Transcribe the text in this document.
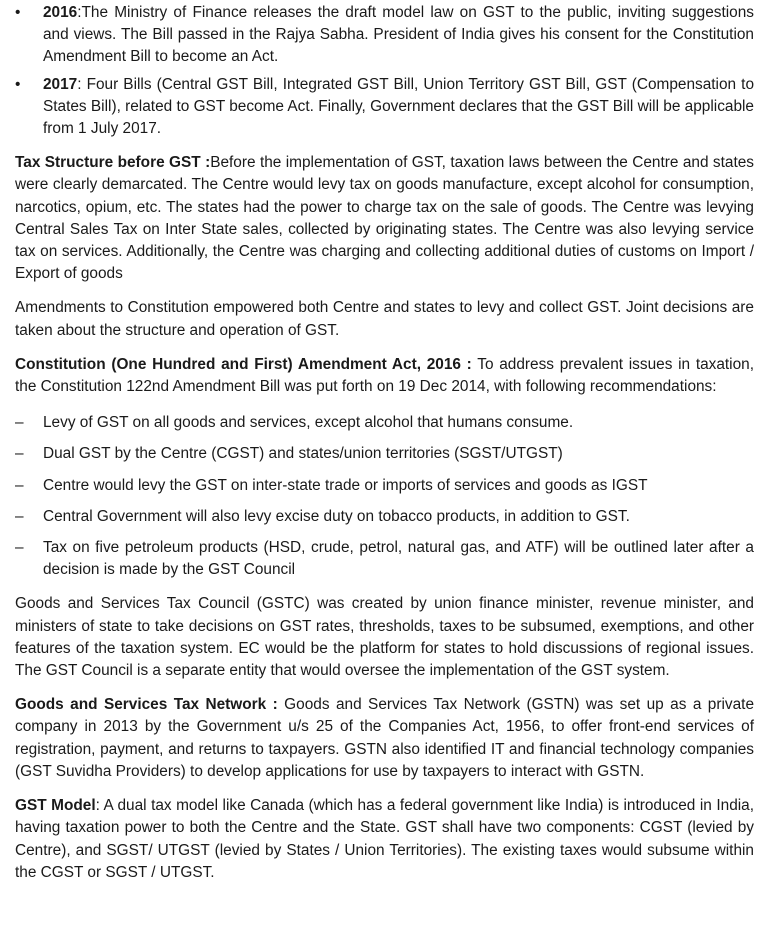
•	2016:The Ministry of Finance releases the draft model law on GST to the public, inviting suggestions and views. The Bill passed in the Rajya Sabha. President of India gives his consent for the Constitution Amendment Bill to become an Act.
•	2017: Four Bills (Central GST Bill, Integrated GST Bill, Union Territory GST Bill, GST (Compensation to States Bill), related to GST become Act. Finally, Government declares that the GST Bill will be applicable from 1 July 2017.

Tax Structure before GST :Before the implementation of GST, taxation laws between the Centre and states were clearly demarcated. The Centre would levy tax on goods manufacture, except alcohol for consumption, narcotics, opium, etc. The states had the power to charge tax on the sale of goods. The Centre was levying Central Sales Tax on Inter State sales, collected by originating states. The Centre was also levying service tax on services. Additionally, the Centre was charging and collecting additional duties of customs on Import / Export of goods

Amendments to Constitution empowered both Centre and states to levy and collect GST. Joint decisions are taken about the structure and operation of GST.

Constitution (One Hundred and First) Amendment Act, 2016 : To address prevalent issues in taxation, the Constitution 122nd Amendment Bill was put forth on 19 Dec 2014, with following recommendations:

–	Levy of GST on all goods and services, except alcohol that humans consume.
–	Dual GST by the Centre (CGST) and states/union territories (SGST/UTGST)
–	Centre would levy the GST on inter-state trade or imports of services and goods as IGST
–	Central Government will also levy excise duty on tobacco products, in addition to GST.
–	Tax on five petroleum products (HSD, crude, petrol, natural gas, and ATF) will be outlined later after a decision is made by the GST Council

Goods and Services Tax Council (GSTC) was created by union finance minister, revenue minister, and ministers of state to take decisions on GST rates, thresholds, taxes to be subsumed, exemptions, and other features of the taxation system. EC would be the platform for states to hold discussions of regional issues. The GST Council is a separate entity that would oversee the implementation of the GST system.

Goods and Services Tax Network : Goods and Services Tax Network (GSTN) was set up as a private company in 2013 by the Government u/s 25 of the Companies Act, 1956, to offer front-end services of registration, payment, and returns to taxpayers. GSTN also identified IT and financial technology companies (GST Suvidha Providers) to develop applications for use by taxpayers to interact with GSTN.

GST Model: A dual tax model like Canada (which has a federal government like India) is introduced in India, having taxation power to both the Centre and the State. GST shall have two components: CGST (levied by Centre), and SGST/ UTGST (levied by States / Union Territories). The existing taxes would subsume within the CGST or SGST / UTGST.
